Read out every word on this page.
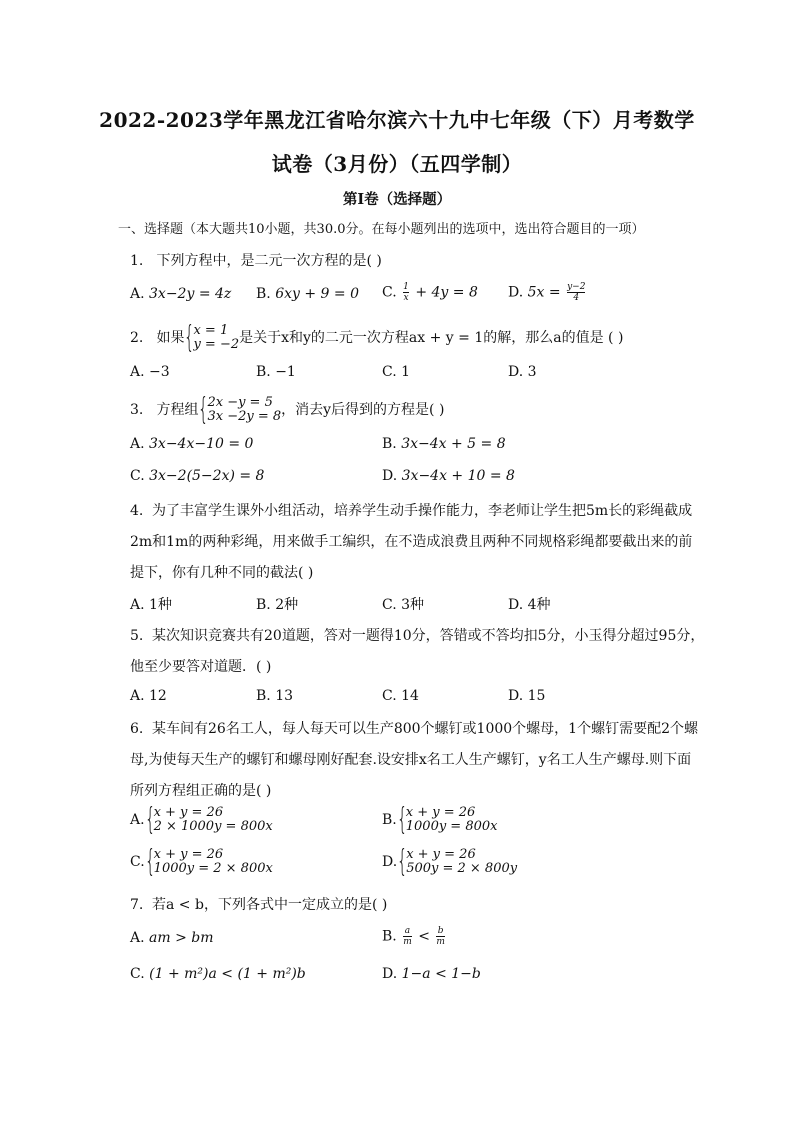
2022-2023学年黑龙江省哈尔滨六十九中七年级（下）月考数学
试卷（3月份）（五四学制）
第I卷（选择题）
一、选择题（本大题共10小题，共30.0分。在每小题列出的选项中，选出符合题目的一项）
1. 下列方程中，是二元一次方程的是( )
A. 3x−2y = 4z B. 6xy + 9 = 0 C. $\frac{1}{x} + 4y = 8$ D. $5x = \frac{y-2}{4}$
2. 如果 {
x = 1
y = −2 是关于x和y的二元一次方程ax + y = 1的解，那么a的值是 ( )
A. −3	B. −1	C. 1	D. 3
3. 方程组 {
2x −y = 5
3x −2y = 8 ，消去y后得到的方程是( )
A. 3x−4x−10 = 0	B. 3x−4x + 5 = 8
C. 3x−2(5−2x) = 8	D. 3x−4x + 10 = 8
4. 为了丰富学生课外小组活动，培养学生动手操作能力，李老师让学生把5m长的彩绳截成
2m和1m的两种彩绳，用来做手工编织，在不造成浪费且两种不同规格彩绳都要截出来的前
提下，你有几种不同的截法( )
A. 1种	B. 2种	C. 3种	D. 4种
5. 某次知识竞赛共有20道题，答对一题得10分，答错或不答均扣5分，小玉得分超过95分，
他至少要答对道题．( )
A. 12	B. 13	C. 14	D. 15
6. 某车间有26名工人，每人每天可以生产800个螺钉或1000个螺母，1个螺钉需要配2个螺
母,为使每天生产的螺钉和螺母刚好配套.设安排x名工人生产螺钉，y名工人生产螺母.则下面
所列方程组正确的是( )
A. {
x + y = 26
2 × 1000y = 800x	B. {
x + y = 26
1000y = 800x
C. {
x + y = 26
1000y = 2 × 800x	D. {
x + y = 26
500y = 2 × 800y
7. 若a < b，下列各式中一定成立的是( )
A. am > bm	B. $\frac{a}{m} < \frac{b}{m}$
C. (1 + m²)a < (1 + m²)b	D. 1−a < 1−b
